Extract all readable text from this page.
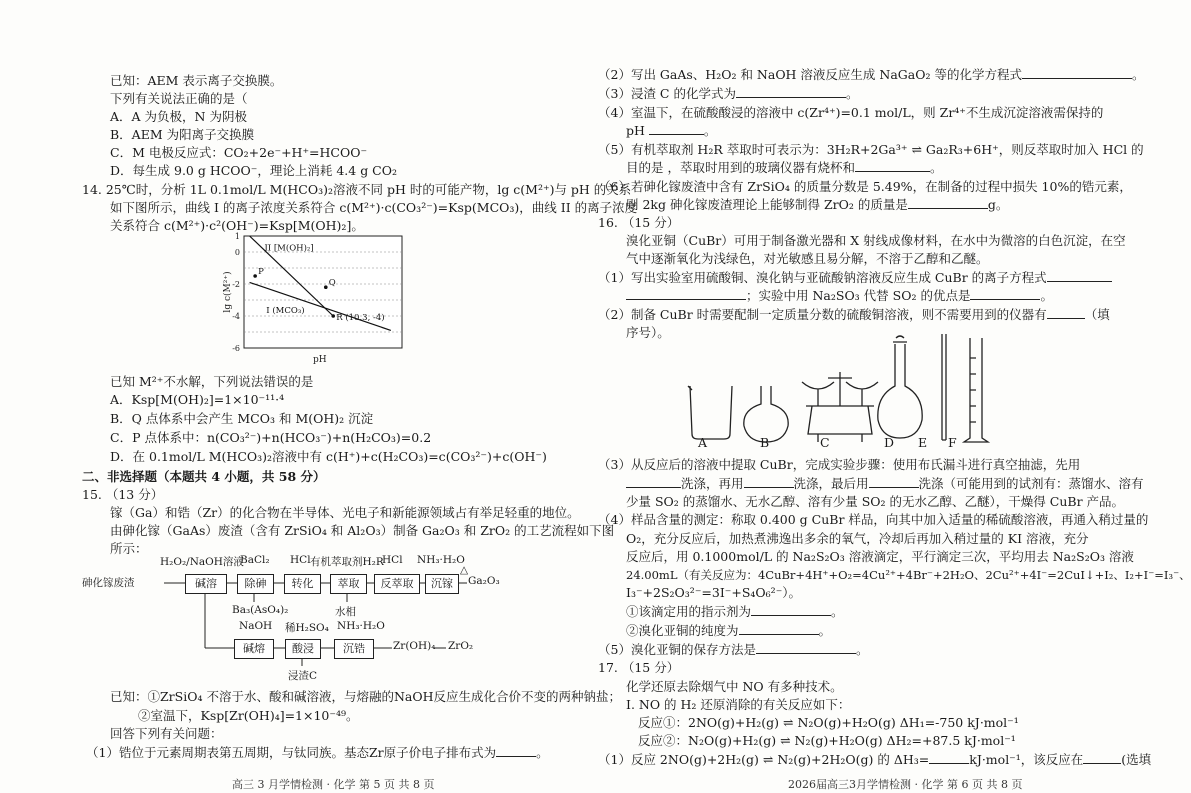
已知：AEM 表示离子交换膜。
下列有关说法正确的是（
A．A 为负极，N 为阴极
B．AEM 为阳离子交换膜
C．M 电极反应式：CO₂+2e⁻+H⁺=HCOO⁻
D．每生成 9.0 g HCOO⁻，理论上消耗 4.4 g CO₂
14. 25℃时，分析 1L 0.1mol/L M(HCO₃)₂溶液不同 pH 时的可能产物，lg c(M²⁺)与 pH 的关系
如下图所示，曲线 I 的离子浓度关系符合 c(M²⁺)·c(CO₃²⁻)=Ksp(MCO₃)，曲线 II 的离子浓度
关系符合 c(M²⁺)·c²(OH⁻)=Ksp[M(OH)₂]。
1
0
-2
-4
-6
lg c(M²⁺)
pH
II [M(OH)₂]
I (MCO₃)
P
Q
R (10.3, -4)
已知 M²⁺不水解，下列说法错误的是
A．Ksp[M(OH)₂]=1×10⁻¹¹·⁴
B．Q 点体系中会产生 MCO₃ 和 M(OH)₂ 沉淀
C．P 点体系中：n(CO₃²⁻)+n(HCO₃⁻)+n(H₂CO₃)=0.2
D．在 0.1mol/L M(HCO₃)₂溶液中有 c(H⁺)+c(H₂CO₃)=c(CO₃²⁻)+c(OH⁻)
二、非选择题（本题共 4 小题，共 58 分）
15. （13 分）
镓（Ga）和锆（Zr）的化合物在半导体、光电子和新能源领域占有举足轻重的地位。
由砷化镓（GaAs）废渣（含有 ZrSiO₄ 和 Al₂O₃）制备 Ga₂O₃ 和 ZrO₂ 的工艺流程如下图
所示：
砷化镓废渣	碱溶	除砷	转化	萃取	反萃取	沉镓
碱熔	酸浸	沉锆
H₂O₂/NaOH溶液
BaCl₂ HCl 有机萃取剂H₂R
HCl NH₃·H₂O
NaOH 稀H₂SO₄ NH₃·H₂O
Ba₃(AsO₄)₂	水相
浸渣C
Zr(OH)₄ ZrO₂
Ga₂O₃
△
已知：①ZrSiO₄ 不溶于水、酸和碱溶液，与熔融的NaOH反应生成化合价不变的两种钠盐；
②室温下，Ksp[Zr(OH)₄]=1×10⁻⁴⁹。
回答下列有关问题：
（1）锆位于元素周期表第五周期，与钛同族。基态Zr原子价电子排布式为	。
高三 3 月学情检测 · 化学 第 5 页 共 8 页
（2）写出 GaAs、H₂O₂ 和 NaOH 溶液反应生成 NaGaO₂ 等的化学方程式	。
（3）浸渣 C 的化学式为	。
（4）室温下，在硫酸酸浸的溶液中 c(Zr⁴⁺)=0.1 mol/L，则 Zr⁴⁺不生成沉淀溶液需保持的
pH	。
（5）有机萃取剂 H₂R 萃取时可表示为：3H₂R+2Ga³⁺ ⇌ Ga₂R₃+6H⁺，则反萃取时加入 HCl 的
目的是 ，萃取时用到的玻璃仪器有烧杯和	。
（6）若砷化镓废渣中含有 ZrSiO₄ 的质量分数是 5.49%，在制备的过程中损失 10%的锆元素，
则 2kg 砷化镓废渣理论上能够制得 ZrO₂ 的质量是	g。
16. （15 分）
溴化亚铜（CuBr）可用于制备激光器和 X 射线成像材料，在水中为微溶的白色沉淀，在空
气中逐渐氧化为浅绿色，对光敏感且易分解，不溶于乙醇和乙醚。
（1）写出实验室用硫酸铜、溴化钠与亚硫酸钠溶液反应生成 CuBr 的离子方程式
；实验中用 Na₂SO₃ 代替 SO₂ 的优点是	。
（2）制备 CuBr 时需要配制一定质量分数的硫酸铜溶液，则不需要用到的仪器有	（填
序号）。
A	B	C	D E F
（3）从反应后的溶液中提取 CuBr，完成实验步骤：使用布氏漏斗进行真空抽滤，先用
洗涤，再用	洗涤，最后用	洗涤（可能用到的试剂有：蒸馏水、溶有
少量 SO₂ 的蒸馏水、无水乙醇、溶有少量 SO₂ 的无水乙醇、乙醚），干燥得 CuBr 产品。
（4）样品含量的测定：称取 0.400 g CuBr 样品，向其中加入适量的稀硫酸溶液，再通入稍过量的
O₂，充分反应后，加热煮沸逸出多余的氧气，冷却后再加入稍过量的 KI 溶液，充分
反应后，用 0.1000mol/L 的 Na₂S₂O₃ 溶液滴定，平行滴定三次，平均用去 Na₂S₂O₃ 溶液
24.00mL（有关反应为：4CuBr+4H⁺+O₂=4Cu²⁺+4Br⁻+2H₂O、2Cu²⁺+4I⁻=2CuI↓+I₂、I₂+I⁻=I₃⁻、
I₃⁻+2S₂O₃²⁻=3I⁻+S₄O₆²⁻）。
①该滴定用的指示剂为	。
②溴化亚铜的纯度为	。
（5）溴化亚铜的保存方法是	。
17. （15 分）
化学还原去除烟气中 NO 有多种技术。
I. NO 的 H₂ 还原消除的有关反应如下：
反应①：2NO(g)+H₂(g) ⇌ N₂O(g)+H₂O(g) ΔH₁=-750 kJ·mol⁻¹
反应②：N₂O(g)+H₂(g) ⇌ N₂(g)+H₂O(g) ΔH₂=+87.5 kJ·mol⁻¹
（1）反应 2NO(g)+2H₂(g) ⇌ N₂(g)+2H₂O(g) 的 ΔH₃=	kJ·mol⁻¹，该反应在	(选填
2026届高三3月学情检测 · 化学 第 6 页 共 8 页
